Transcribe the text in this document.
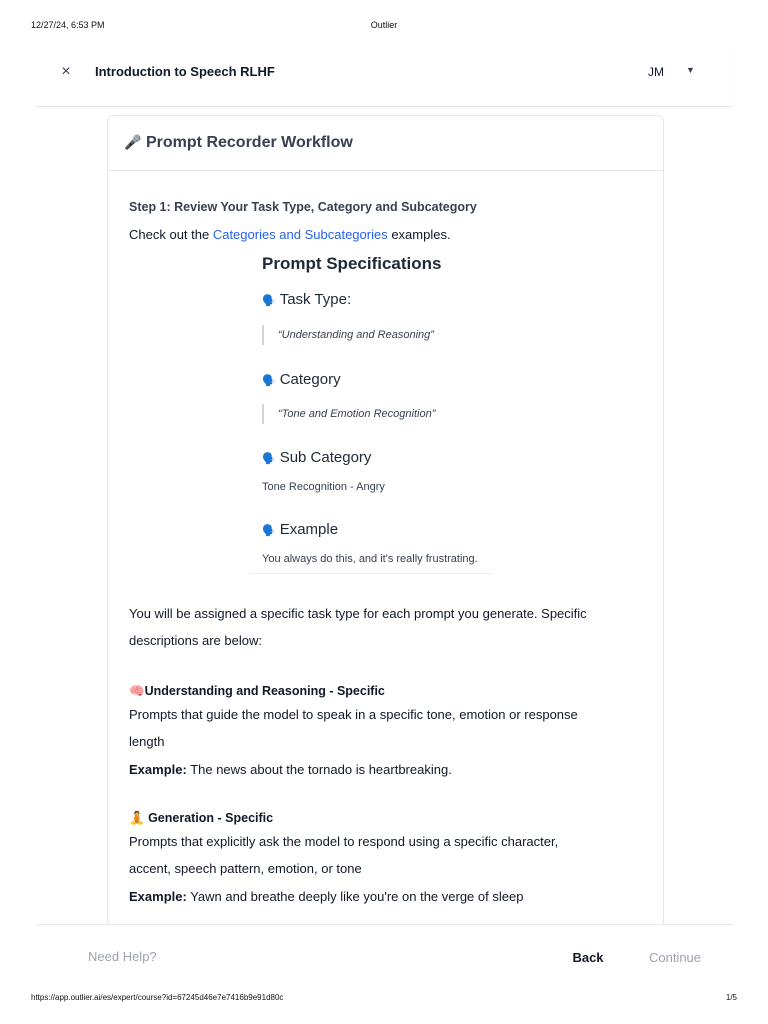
12/27/24, 6:53 PM	Outlier
× Introduction to Speech RLHF	JM ▼
🎤 Prompt Recorder Workflow
Step 1: Review Your Task Type, Category and Subcategory
Check out the Categories and Subcategories examples.
Prompt Specifications
🗣️ Task Type:
“Understanding and Reasoning”
🗣️ Category
“Tone and Emotion Recognition”
🗣️ Sub Category
Tone Recognition - Angry
🗣️ Example
You always do this, and it's really frustrating.
You will be assigned a specific task type for each prompt you generate. Specific
descriptions are below:
🧠Understanding and Reasoning - Specific
Prompts that guide the model to speak in a specific tone, emotion or response
length
Example: The news about the tornado is heartbreaking.
🧘 Generation - Specific
Prompts that explicitly ask the model to respond using a specific character,
accent, speech pattern, emotion, or tone
Example: Yawn and breathe deeply like you're on the verge of sleep
Need Help?	Back	Continue
https://app.outlier.ai/es/expert/course?id=67245d46e7e7416b9e91d80c	1/5
